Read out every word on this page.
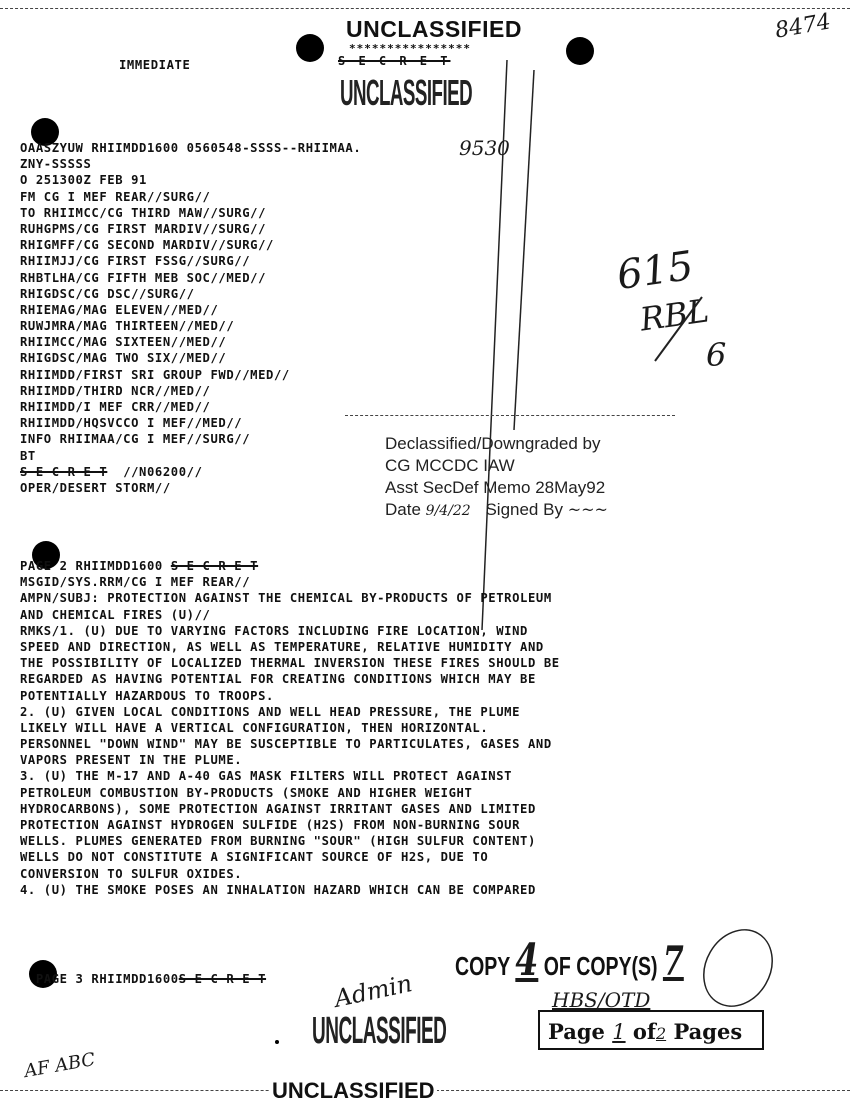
UNCLASSIFIED
****************
S E C R E T
UNCLASSIFIED
IMMEDIATE
8474
OAASZYUW RHIIMDD1600 0560548-SSSS--RHIIMAA.
ZNY-SSSSS
O 251300Z FEB 91
FM CG I MEF REAR//SURG//
TO RHIIMCC/CG THIRD MAW//SURG//
RUHGPMS/CG FIRST MARDIV//SURG//
RHIGMFF/CG SECOND MARDIV//SURG//
RHIIMJJ/CG FIRST FSSG//SURG//
RHBTLHA/CG FIFTH MEB SOC//MED//
RHIGDSC/CG DSC//SURG//
RHIEMAG/MAG ELEVEN//MED//
RUWJMRA/MAG THIRTEEN//MED//
RHIIMCC/MAG SIXTEEN//MED//
RHIGDSC/MAG TWO SIX//MED//
RHIIMDD/FIRST SRI GROUP FWD//MED//
RHIIMDD/THIRD NCR//MED//
RHIIMDD/I MEF CRR//MED//
RHIIMDD/HQSVCCO I MEF//MED//
INFO RHIIMAA/CG I MEF//SURG//
BT
S E C R E T //N06200//
OPER/DESERT STORM//
9530
615
RBL
6
Declassified/Downgraded by
CG MCCDC IAW
Asst SecDef Memo 28May92
Date 9/4/22 Signed By ~~~
PAGE 2 RHIIMDD1600 S E C R E T
MSGID/SYS.RRM/CG I MEF REAR//
AMPN/SUBJ: PROTECTION AGAINST THE CHEMICAL BY-PRODUCTS OF PETROLEUM
AND CHEMICAL FIRES (U)//
RMKS/1. (U) DUE TO VARYING FACTORS INCLUDING FIRE LOCATION, WIND
SPEED AND DIRECTION, AS WELL AS TEMPERATURE, RELATIVE HUMIDITY AND
THE POSSIBILITY OF LOCALIZED THERMAL INVERSION THESE FIRES SHOULD BE
REGARDED AS HAVING POTENTIAL FOR CREATING CONDITIONS WHICH MAY BE
POTENTIALLY HAZARDOUS TO TROOPS.
2. (U) GIVEN LOCAL CONDITIONS AND WELL HEAD PRESSURE, THE PLUME
LIKELY WILL HAVE A VERTICAL CONFIGURATION, THEN HORIZONTAL.
PERSONNEL "DOWN WIND" MAY BE SUSCEPTIBLE TO PARTICULATES, GASES AND
VAPORS PRESENT IN THE PLUME.
3. (U) THE M-17 AND A-40 GAS MASK FILTERS WILL PROTECT AGAINST
PETROLEUM COMBUSTION BY-PRODUCTS (SMOKE AND HIGHER WEIGHT
HYDROCARBONS), SOME PROTECTION AGAINST IRRITANT GASES AND LIMITED
PROTECTION AGAINST HYDROGEN SULFIDE (H2S) FROM NON-BURNING SOUR
WELLS. PLUMES GENERATED FROM BURNING "SOUR" (HIGH SULFUR CONTENT)
WELLS DO NOT CONSTITUTE A SIGNIFICANT SOURCE OF H2S, DUE TO
CONVERSION TO SULFUR OXIDES.
4. (U) THE SMOKE POSES AN INHALATION HAZARD WHICH CAN BE COMPARED

PAGE 3 RHIIMDD1600S E C R E T	COPY 4 OF COPY(S) 7
HBS/OTD
Page 1 of2 Pages
Admin
UNCLASSIFIED
AF ABC
UNCLASSIFIED
